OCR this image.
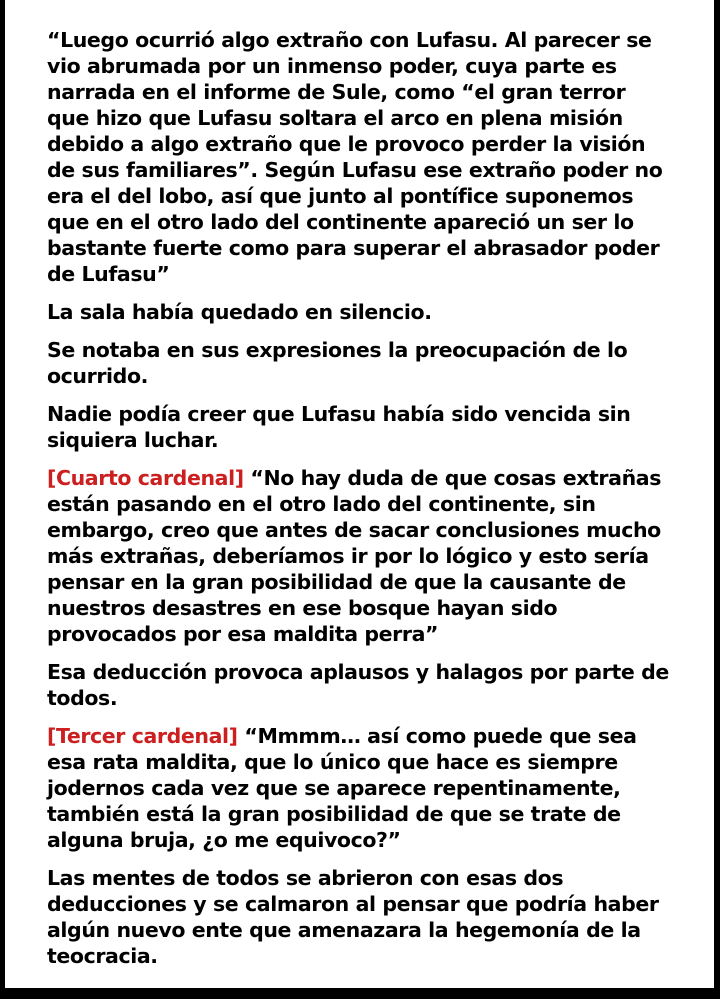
“Luego ocurrió algo extraño con Lufasu. Al parecer se vio abrumada por un inmenso poder, cuya parte es narrada en el informe de Sule, como “el gran terror que hizo que Lufasu soltara el arco en plena misión debido a algo extraño que le provoco perder la visión de sus familiares”. Según Lufasu ese extraño poder no era el del lobo, así que junto al pontífice suponemos que en el otro lado del continente apareció un ser lo bastante fuerte como para superar el abrasador poder de Lufasu”

La sala había quedado en silencio.

Se notaba en sus expresiones la preocupación de lo ocurrido.

Nadie podía creer que Lufasu había sido vencida sin siquiera luchar.

[Cuarto cardenal] “No hay duda de que cosas extrañas están pasando en el otro lado del continente, sin embargo, creo que antes de sacar conclusiones mucho más extrañas, deberíamos ir por lo lógico y esto sería pensar en la gran posibilidad de que la causante de nuestros desastres en ese bosque hayan sido provocados por esa maldita perra”

Esa deducción provoca aplausos y halagos por parte de todos.

[Tercer cardenal] “Mmmm… así como puede que sea esa rata maldita, que lo único que hace es siempre jodernos cada vez que se aparece repentinamente, también está la gran posibilidad de que se trate de alguna bruja, ¿o me equivoco?”

Las mentes de todos se abrieron con esas dos deducciones y se calmaron al pensar que podría haber algún nuevo ente que amenazara la hegemonía de la teocracia.
